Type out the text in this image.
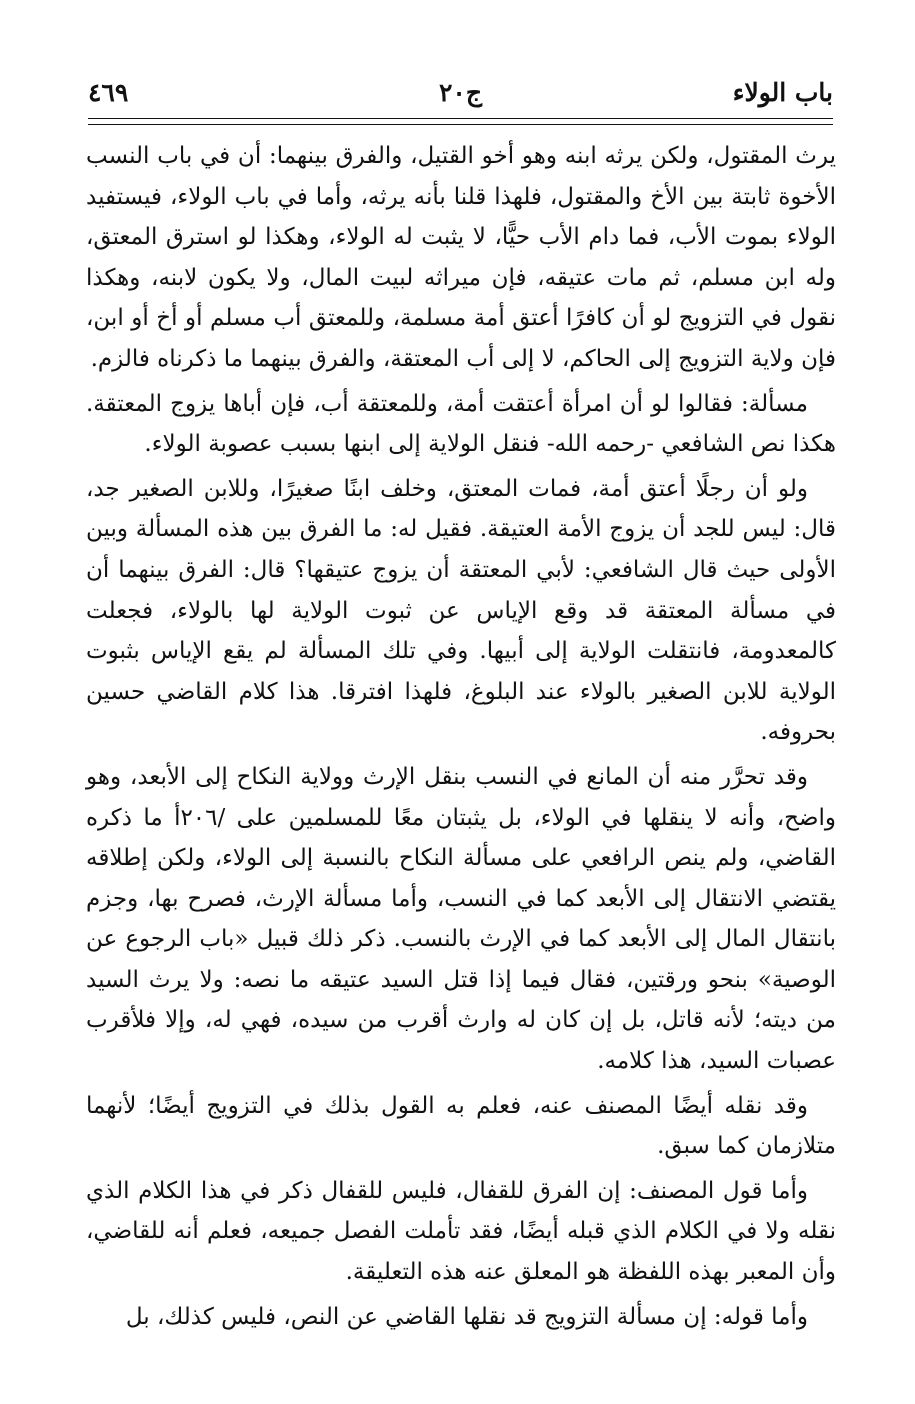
باب الولاء
ج٢٠
٤٦٩

يرث المقتول، ولكن يرثه ابنه وهو أخو القتيل، والفرق بينهما: أن في باب النسب الأخوة ثابتة بين الأخ والمقتول، فلهذا قلنا بأنه يرثه، وأما في باب الولاء، فيستفيد الولاء بموت الأب، فما دام الأب حيًّا، لا يثبت له الولاء، وهكذا لو استرق المعتق، وله ابن مسلم، ثم مات عتيقه، فإن ميراثه لبيت المال، ولا يكون لابنه، وهكذا نقول في التزويج لو أن كافرًا أعتق أمة مسلمة، وللمعتق أب مسلم أو أخ أو ابن، فإن ولاية التزويج إلى الحاكم، لا إلى أب المعتقة، والفرق بينهما ما ذكرناه فالزم.

مسألة: فقالوا لو أن امرأة أعتقت أمة، وللمعتقة أب، فإن أباها يزوج المعتقة. هكذا نص الشافعي -رحمه الله- فنقل الولاية إلى ابنها بسبب عصوبة الولاء.

ولو أن رجلًا أعتق أمة، فمات المعتق، وخلف ابنًا صغيرًا، وللابن الصغير جد، قال: ليس للجد أن يزوج الأمة العتيقة. فقيل له: ما الفرق بين هذه المسألة وبين الأولى حيث قال الشافعي: لأبي المعتقة أن يزوج عتيقها؟ قال: الفرق بينهما أن في مسألة المعتقة قد وقع الإياس عن ثبوت الولاية لها بالولاء، فجعلت كالمعدومة، فانتقلت الولاية إلى أبيها. وفي تلك المسألة لم يقع الإياس بثبوت الولاية للابن الصغير بالولاء عند البلوغ، فلهذا افترقا. هذا كلام القاضي حسين بحروفه.

وقد تحرَّر منه أن المانع في النسب بنقل الإرث وولاية النكاح إلى الأبعد، وهو واضح، وأنه لا ينقلها في الولاء، بل يثبتان معًا للمسلمين على /٢٠٦أ ما ذكره القاضي، ولم ينص الرافعي على مسألة النكاح بالنسبة إلى الولاء، ولكن إطلاقه يقتضي الانتقال إلى الأبعد كما في النسب، وأما مسألة الإرث، فصرح بها، وجزم بانتقال المال إلى الأبعد كما في الإرث بالنسب. ذكر ذلك قبيل «باب الرجوع عن الوصية» بنحو ورقتين، فقال فيما إذا قتل السيد عتيقه ما نصه: ولا يرث السيد من ديته؛ لأنه قاتل، بل إن كان له وارث أقرب من سيده، فهي له، وإلا فلأقرب عصبات السيد، هذا كلامه.

وقد نقله أيضًا المصنف عنه، فعلم به القول بذلك في التزويج أيضًا؛ لأنهما متلازمان كما سبق.

وأما قول المصنف: إن الفرق للقفال، فليس للقفال ذكر في هذا الكلام الذي نقله ولا في الكلام الذي قبله أيضًا، فقد تأملت الفصل جميعه، فعلم أنه للقاضي، وأن المعبر بهذه اللفظة هو المعلق عنه هذه التعليقة.

وأما قوله: إن مسألة التزويج قد نقلها القاضي عن النص، فليس كذلك، بل
